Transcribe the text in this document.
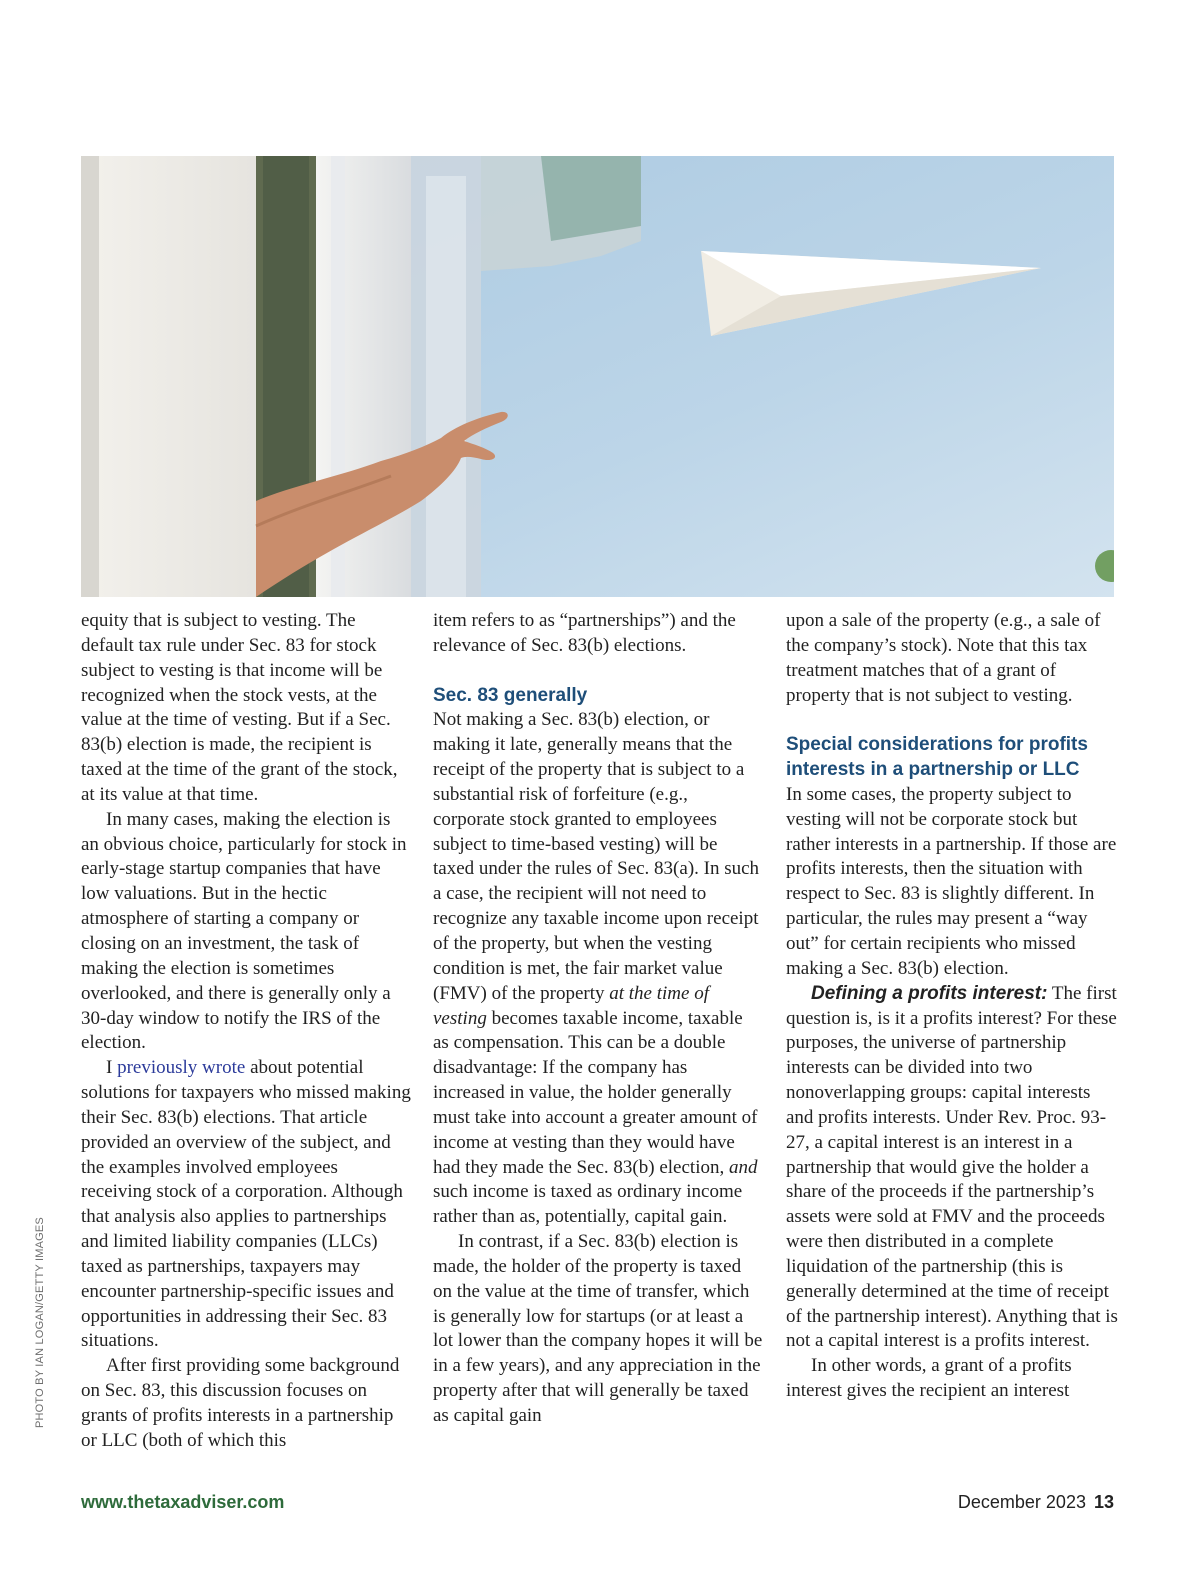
PHOTO BY IAN LOGAN/GETTY IMAGES

equity that is subject to vesting. The default tax rule under Sec. 83 for stock subject to vesting is that income will be recognized when the stock vests, at the value at the time of vesting. But if a Sec. 83(b) election is made, the recipient is taxed at the time of the grant of the stock, at its value at that time.

In many cases, making the election is an obvious choice, particularly for stock in early-stage startup companies that have low valuations. But in the hectic atmosphere of starting a company or closing on an investment, the task of making the election is sometimes overlooked, and there is generally only a 30-day window to notify the IRS of the election.

I previously wrote about potential solutions for taxpayers who missed making their Sec. 83(b) elections. That article provided an overview of the subject, and the examples involved employees receiving stock of a corporation. Although that analysis also applies to partnerships and limited liability companies (LLCs) taxed as partnerships, taxpayers may encounter partnership-specific issues and opportunities in addressing their Sec. 83 situations.

After first providing some background on Sec. 83, this discussion focuses on grants of profits interests in a partnership or LLC (both of which this

item refers to as “partnerships”) and the relevance of Sec. 83(b) elections.

Sec. 83 generally

Not making a Sec. 83(b) election, or making it late, generally means that the receipt of the property that is subject to a substantial risk of forfeiture (e.g., corporate stock granted to employees subject to time-based vesting) will be taxed under the rules of Sec. 83(a). In such a case, the recipient will not need to recognize any taxable income upon receipt of the property, but when the vesting condition is met, the fair market value (FMV) of the property at the time of vesting becomes taxable income, taxable as compensation. This can be a double disadvantage: If the company has increased in value, the holder generally must take into account a greater amount of income at vesting than they would have had they made the Sec. 83(b) election, and such income is taxed as ordinary income rather than as, potentially, capital gain.

In contrast, if a Sec. 83(b) election is made, the holder of the property is taxed on the value at the time of transfer, which is generally low for startups (or at least a lot lower than the company hopes it will be in a few years), and any appreciation in the property after that will generally be taxed as capital gain

upon a sale of the property (e.g., a sale of the company’s stock). Note that this tax treatment matches that of a grant of property that is not subject to vesting.

Special considerations for profits interests in a partnership or LLC

In some cases, the property subject to vesting will not be corporate stock but rather interests in a partnership. If those are profits interests, then the situation with respect to Sec. 83 is slightly different. In particular, the rules may present a “way out” for certain recipients who missed making a Sec. 83(b) election.

Defining a profits interest: The first question is, is it a profits interest? For these purposes, the universe of partnership interests can be divided into two nonoverlapping groups: capital interests and profits interests. Under Rev. Proc. 93-27, a capital interest is an interest in a partnership that would give the holder a share of the proceeds if the partnership’s assets were sold at FMV and the proceeds were then distributed in a complete liquidation of the partnership (this is generally determined at the time of receipt of the partnership interest). Anything that is not a capital interest is a profits interest.

In other words, a grant of a profits interest gives the recipient an interest

www.thetaxadviser.com	December 2023 13
